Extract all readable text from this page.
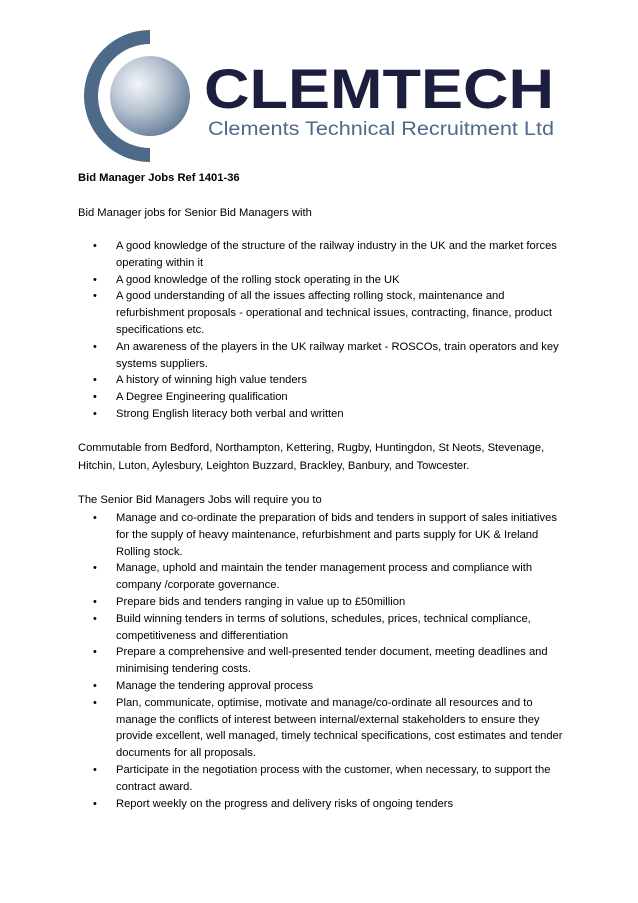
CLEMTECH
Clements Technical Recruitment Ltd
Bid Manager Jobs Ref 1401-36
Bid Manager jobs for Senior Bid Managers with
• A good knowledge of the structure of the railway industry in the UK and the market forces
operating within it
• A good knowledge of the rolling stock operating in the UK
• A good understanding of all the issues affecting rolling stock, maintenance and
refurbishment proposals - operational and technical issues, contracting, finance, product
specifications etc.
• An awareness of the players in the UK railway market - ROSCOs, train operators and key
systems suppliers.
• A history of winning high value tenders
• A Degree Engineering qualification
• Strong English literacy both verbal and written
Commutable from Bedford, Northampton, Kettering, Rugby, Huntingdon, St Neots, Stevenage,
Hitchin, Luton, Aylesbury, Leighton Buzzard, Brackley, Banbury, and Towcester.
The Senior Bid Managers Jobs will require you to
• Manage and co-ordinate the preparation of bids and tenders in support of sales initiatives
for the supply of heavy maintenance, refurbishment and parts supply for UK & Ireland
Rolling stock.
• Manage, uphold and maintain the tender management process and compliance with
company /corporate governance.
• Prepare bids and tenders ranging in value up to £50million
• Build winning tenders in terms of solutions, schedules, prices, technical compliance,
competitiveness and differentiation
• Prepare a comprehensive and well-presented tender document, meeting deadlines and
minimising tendering costs.
• Manage the tendering approval process
• Plan, communicate, optimise, motivate and manage/co-ordinate all resources and to
manage the conflicts of interest between internal/external stakeholders to ensure they
provide excellent, well managed, timely technical specifications, cost estimates and tender
documents for all proposals.
• Participate in the negotiation process with the customer, when necessary, to support the
contract award.
• Report weekly on the progress and delivery risks of ongoing tenders
